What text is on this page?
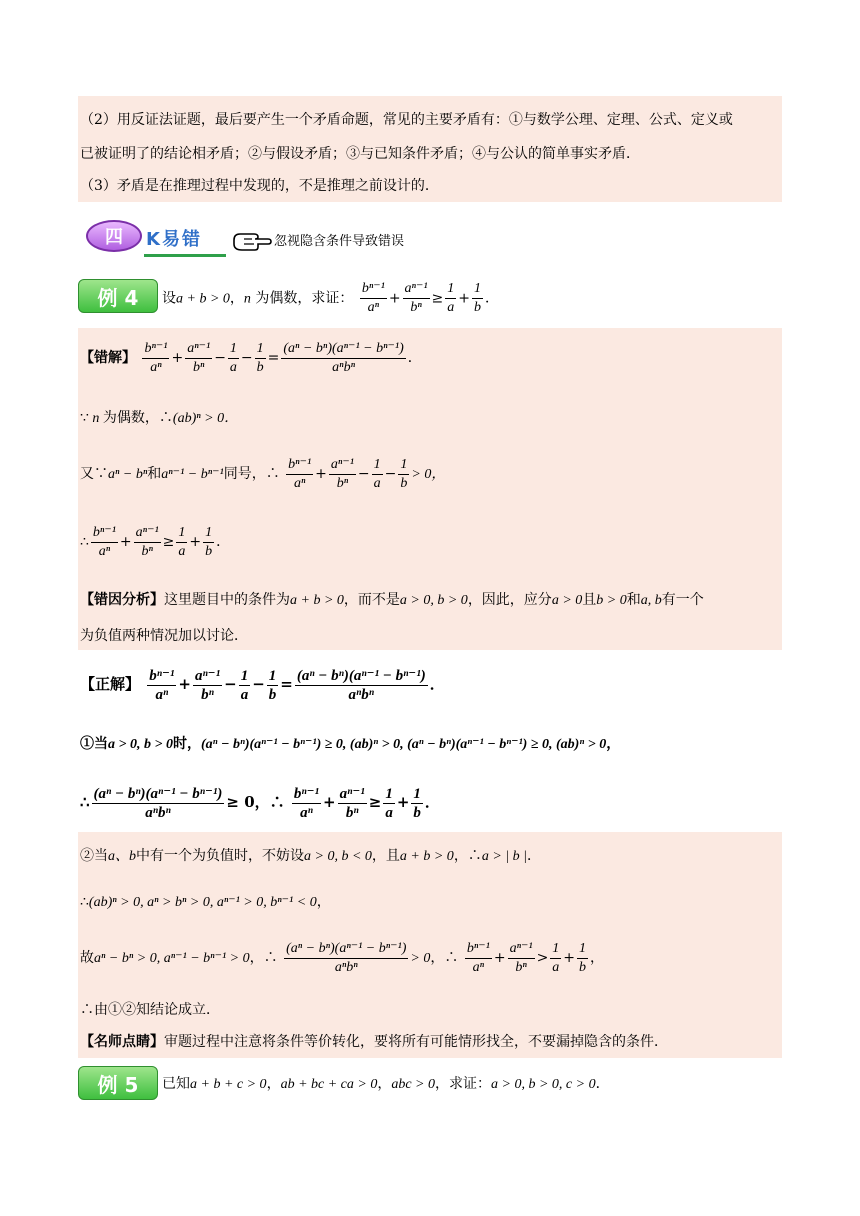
（2）用反证法证题，最后要产生一个矛盾命题，常见的主要矛盾有：①与数学公理、定理、公式、定义或
已被证明了的结论相矛盾；②与假设矛盾；③与已知条件矛盾；④与公认的简单事实矛盾．
（3）矛盾是在推理过程中发现的，不是推理之前设计的．
四	K易错	忽视隐含条件导致错误
例 4	设a + b > 0，n 为偶数，求证： $\frac{\text{bⁿ⁻¹}}{\text{aⁿ}} + \frac{\text{aⁿ⁻¹}}{\text{bⁿ}} \ge \frac{1}{a} + \frac{1}{b}$ ．
【错解】 $\frac{\text{bⁿ⁻¹}}{\text{aⁿ}} + \frac{\text{aⁿ⁻¹}}{\text{bⁿ}} - \frac{1}{a} - \frac{1}{b} = \frac{\text{(aⁿ − bⁿ)(aⁿ⁻¹ − bⁿ⁻¹)}}{\text{aⁿbⁿ}}$ ．
∵ n 为偶数，∴(ab)ⁿ > 0．
又∵aⁿ − bⁿ和aⁿ⁻¹ − bⁿ⁻¹同号，∴ $\frac{\text{bⁿ⁻¹}}{\text{aⁿ}} + \frac{\text{aⁿ⁻¹}}{\text{bⁿ}} - \frac{1}{a} - \frac{1}{b} > 0$，
∴ $\frac{\text{bⁿ⁻¹}}{\text{aⁿ}} + \frac{\text{aⁿ⁻¹}}{\text{bⁿ}} \ge \frac{1}{a} + \frac{1}{b}$ ．
【错因分析】这里题目中的条件为a + b > 0，而不是a > 0, b > 0，因此，应分a > 0且b > 0和a, b有一个
为负值两种情况加以讨论．
【正解】 $\frac{\text{bⁿ⁻¹}}{\text{aⁿ}} + \frac{\text{aⁿ⁻¹}}{\text{bⁿ}} - \frac{1}{a} - \frac{1}{b} = \frac{\text{(aⁿ − bⁿ)(aⁿ⁻¹ − bⁿ⁻¹)}}{\text{aⁿbⁿ}}$ ．
①当a > 0, b > 0时，(aⁿ − bⁿ)(aⁿ⁻¹ − bⁿ⁻¹) ≥ 0, (ab)ⁿ > 0, (aⁿ − bⁿ)(aⁿ⁻¹ − bⁿ⁻¹) ≥ 0, (ab)ⁿ > 0，
∴ $\frac{\text{(aⁿ − bⁿ)(aⁿ⁻¹ − bⁿ⁻¹)}}{\text{aⁿbⁿ}} \ge 0$，∴ $\frac{\text{bⁿ⁻¹}}{\text{aⁿ}} + \frac{\text{aⁿ⁻¹}}{\text{bⁿ}} \ge \frac{1}{a} + \frac{1}{b}$ ．
②当a、b中有一个为负值时，不妨设a > 0, b < 0，且a + b > 0，∴a > | b |．
∴(ab)ⁿ > 0, aⁿ > bⁿ > 0, aⁿ⁻¹ > 0, bⁿ⁻¹ < 0，
故aⁿ − bⁿ > 0, aⁿ⁻¹ − bⁿ⁻¹ > 0，∴ $\frac{\text{(aⁿ − bⁿ)(aⁿ⁻¹ − bⁿ⁻¹)}}{\text{aⁿbⁿ}} > 0$，∴ $\frac{\text{bⁿ⁻¹}}{\text{aⁿ}} + \frac{\text{aⁿ⁻¹}}{\text{bⁿ}} > \frac{1}{a} + \frac{1}{b}$ ，
∴由①②知结论成立．
【名师点睛】审题过程中注意将条件等价转化，要将所有可能情形找全，不要漏掉隐含的条件．
例 5	已知a + b + c > 0，ab + bc + ca > 0，abc > 0，求证：a > 0, b > 0, c > 0．
